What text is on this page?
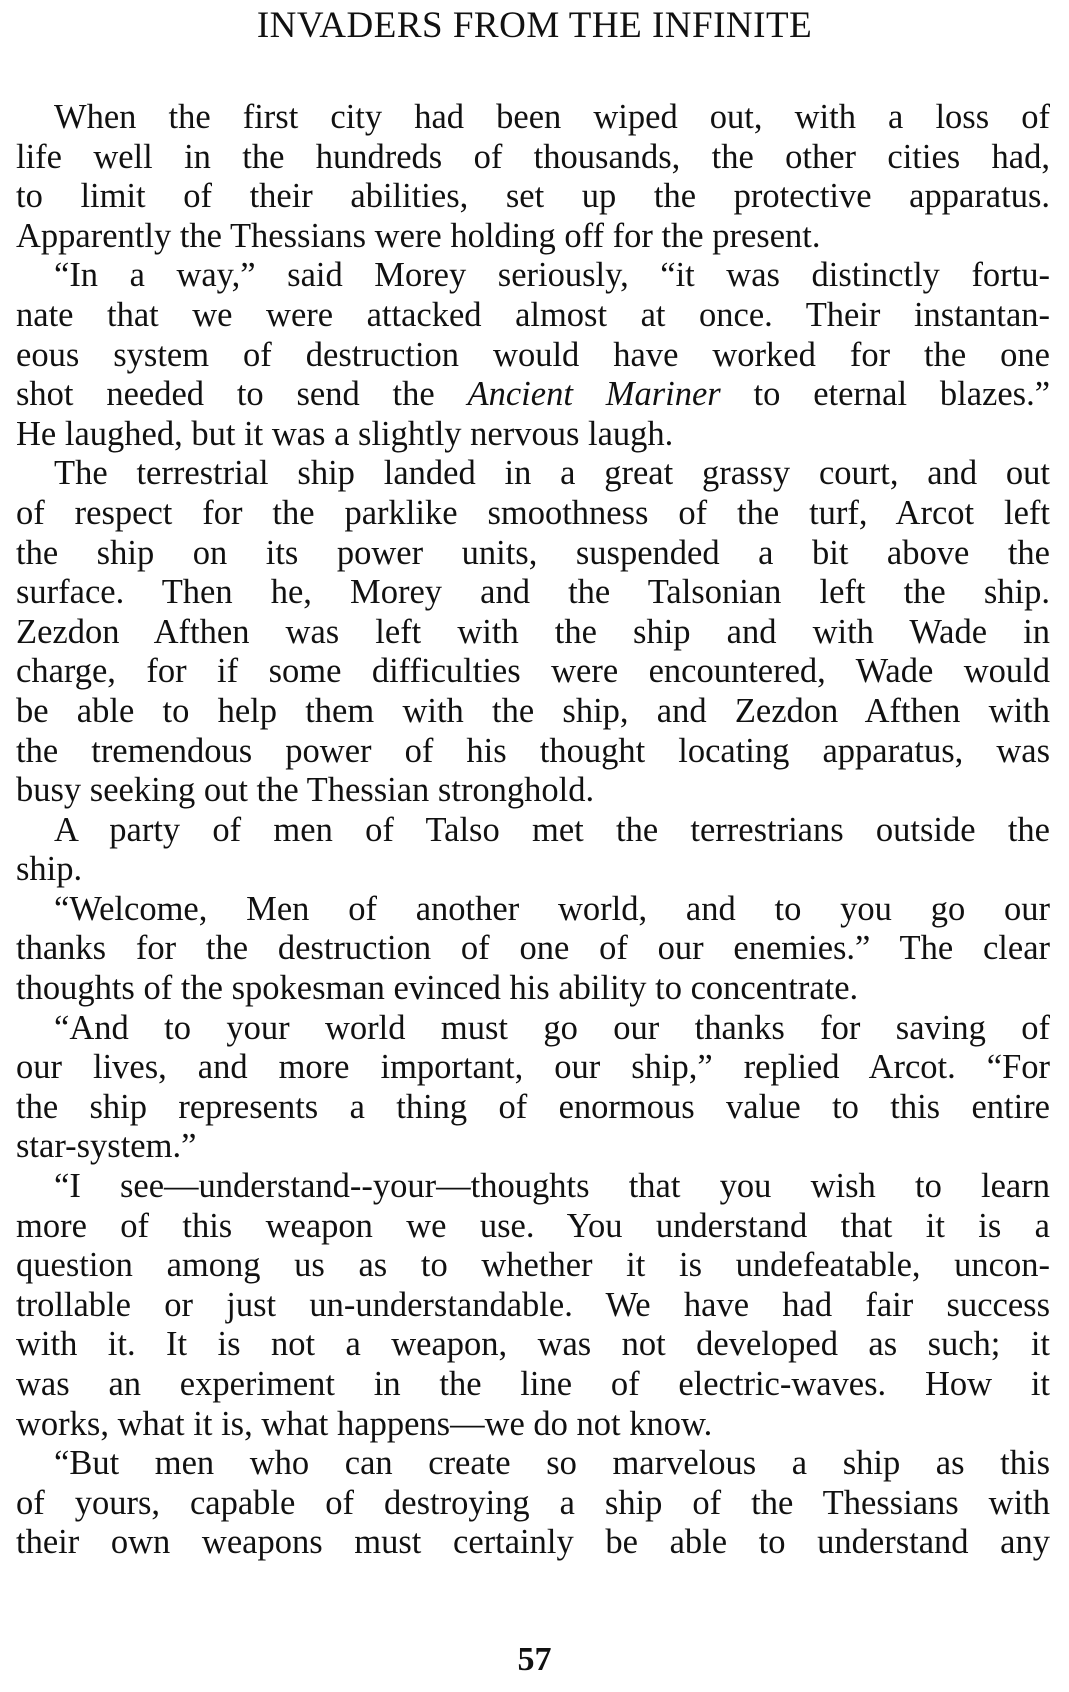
INVADERS FROM THE INFINITE
When the first city had been wiped out, with a loss of
life well in the hundreds of thousands, the other cities had,
to limit of their abilities, set up the protective apparatus.
Apparently the Thessians were holding off for the present.
“In a way,” said Morey seriously, “it was distinctly fortu-
nate that we were attacked almost at once. Their instantan-
eous system of destruction would have worked for the one
shot needed to send the Ancient Mariner to eternal blazes.”
He laughed, but it was a slightly nervous laugh.
The terrestrial ship landed in a great grassy court, and out
of respect for the parklike smoothness of the turf, Arcot left
the ship on its power units, suspended a bit above the
surface. Then he, Morey and the Talsonian left the ship.
Zezdon Afthen was left with the ship and with Wade in
charge, for if some difficulties were encountered, Wade would
be able to help them with the ship, and Zezdon Afthen with
the tremendous power of his thought locating apparatus, was
busy seeking out the Thessian stronghold.
A party of men of Talso met the terrestrians outside the
ship.
“Welcome, Men of another world, and to you go our
thanks for the destruction of one of our enemies.” The clear
thoughts of the spokesman evinced his ability to concentrate.
“And to your world must go our thanks for saving of
our lives, and more important, our ship,” replied Arcot. “For
the ship represents a thing of enormous value to this entire
star-system.”
“I see—understand--your—thoughts that you wish to learn
more of this weapon we use. You understand that it is a
question among us as to whether it is undefeatable, uncon-
trollable or just un-understandable. We have had fair success
with it. It is not a weapon, was not developed as such; it
was an experiment in the line of electric-waves. How it
works, what it is, what happens—we do not know.
“But men who can create so marvelous a ship as this
of yours, capable of destroying a ship of the Thessians with
their own weapons must certainly be able to understand any
57
